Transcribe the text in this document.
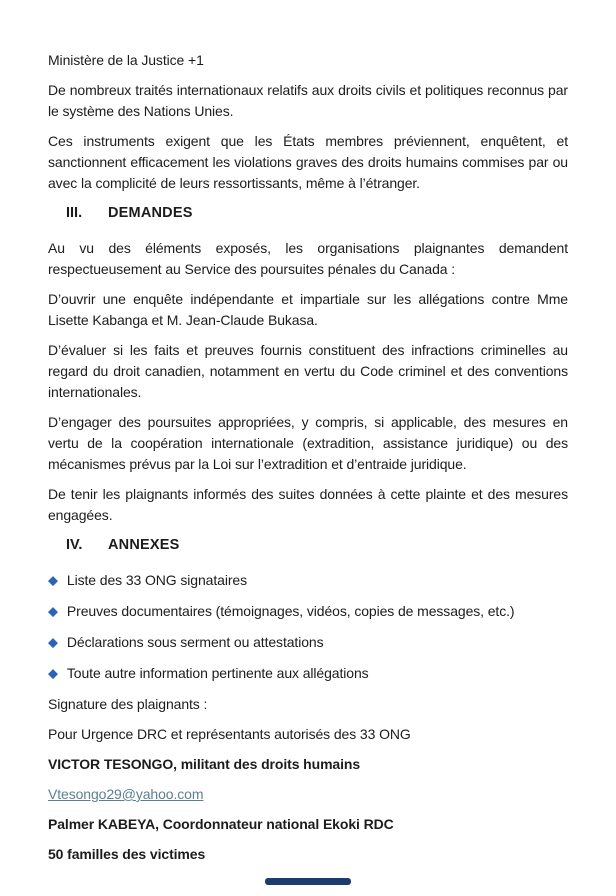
Ministère de la Justice +1

De nombreux traités internationaux relatifs aux droits civils et politiques reconnus par le système des Nations Unies.

Ces instruments exigent que les États membres préviennent, enquêtent, et sanctionnent efficacement les violations graves des droits humains commises par ou avec la complicité de leurs ressortissants, même à l’étranger.

III.	DEMANDES

Au vu des éléments exposés, les organisations plaignantes demandent respectueusement au Service des poursuites pénales du Canada :

D’ouvrir une enquête indépendante et impartiale sur les allégations contre Mme Lisette Kabanga et M. Jean-Claude Bukasa.

D’évaluer si les faits et preuves fournis constituent des infractions criminelles au regard du droit canadien, notamment en vertu du Code criminel et des conventions internationales.

D’engager des poursuites appropriées, y compris, si applicable, des mesures en vertu de la coopération internationale (extradition, assistance juridique) ou des mécanismes prévus par la Loi sur l’extradition et d’entraide juridique.

De tenir les plaignants informés des suites données à cette plainte et des mesures engagées.

IV.	ANNEXES
◆ Liste des 33 ONG signataires
◆ Preuves documentaires (témoignages, vidéos, copies de messages, etc.)
◆ Déclarations sous serment ou attestations
◆ Toute autre information pertinente aux allégations

Signature des plaignants :

Pour Urgence DRC et représentants autorisés des 33 ONG

VICTOR TESONGO, militant des droits humains

Vtesongo29@yahoo.com

Palmer KABEYA, Coordonnateur national Ekoki RDC

50 familles des victimes
